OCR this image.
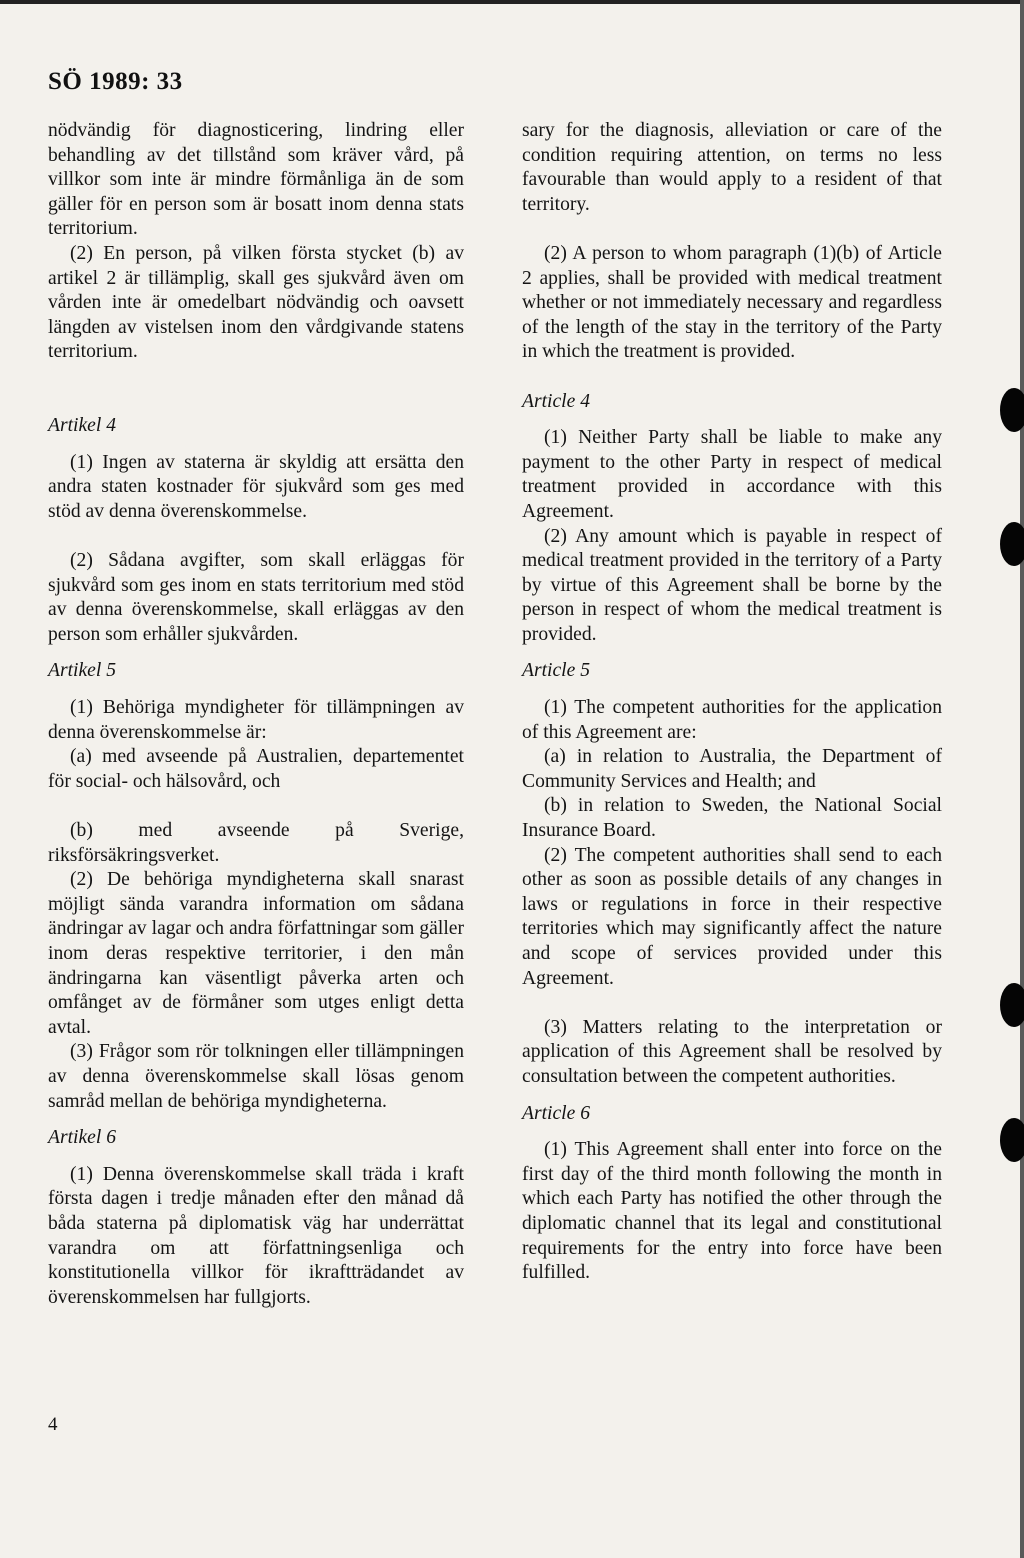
SÖ 1989: 33

nödvändig för diagnosticering, lindring eller behandling av det tillstånd som kräver vård, på villkor som inte är mindre förmånliga än de som gäller för en person som är bosatt inom denna stats territorium.

(2) En person, på vilken första stycket (b) av artikel 2 är tillämplig, skall ges sjukvård även om vården inte är omedelbart nödvändig och oavsett längden av vistelsen inom den vårdgivande statens territorium.

Artikel 4

(1) Ingen av staterna är skyldig att ersätta den andra staten kostnader för sjukvård som ges med stöd av denna överenskommelse.

(2) Sådana avgifter, som skall erläggas för sjukvård som ges inom en stats territorium med stöd av denna överenskommelse, skall erläggas av den person som erhåller sjukvården.

Artikel 5

(1) Behöriga myndigheter för tillämpningen av denna överenskommelse är:

(a) med avseende på Australien, departementet för social- och hälsovård, och

(b) med avseende på Sverige, riksförsäkringsverket.

(2) De behöriga myndigheterna skall snarast möjligt sända varandra information om sådana ändringar av lagar och andra författningar som gäller inom deras respektive territorier, i den mån ändringarna kan väsentligt påverka arten och omfånget av de förmåner som utges enligt detta avtal.

(3) Frågor som rör tolkningen eller tillämpningen av denna överenskommelse skall lösas genom samråd mellan de behöriga myndigheterna.

Artikel 6

(1) Denna överenskommelse skall träda i kraft första dagen i tredje månaden efter den månad då båda staterna på diplomatisk väg har underrättat varandra om att författningsenliga och konstitutionella villkor för ikraftträdandet av överenskommelsen har fullgjorts.

sary for the diagnosis, alleviation or care of the condition requiring attention, on terms no less favourable than would apply to a resident of that territory.

(2) A person to whom paragraph (1)(b) of Article 2 applies, shall be provided with medical treatment whether or not immediately necessary and regardless of the length of the stay in the territory of the Party in which the treatment is provided.

Article 4

(1) Neither Party shall be liable to make any payment to the other Party in respect of medical treatment provided in accordance with this Agreement.

(2) Any amount which is payable in respect of medical treatment provided in the territory of a Party by virtue of this Agreement shall be borne by the person in respect of whom the medical treatment is provided.

Article 5

(1) The competent authorities for the application of this Agreement are:

(a) in relation to Australia, the Department of Community Services and Health; and

(b) in relation to Sweden, the National Social Insurance Board.

(2) The competent authorities shall send to each other as soon as possible details of any changes in laws or regulations in force in their respective territories which may significantly affect the nature and scope of services provided under this Agreement.

(3) Matters relating to the interpretation or application of this Agreement shall be resolved by consultation between the competent authorities.

Article 6

(1) This Agreement shall enter into force on the first day of the third month following the month in which each Party has notified the other through the diplomatic channel that its legal and constitutional requirements for the entry into force have been fulfilled.

4
